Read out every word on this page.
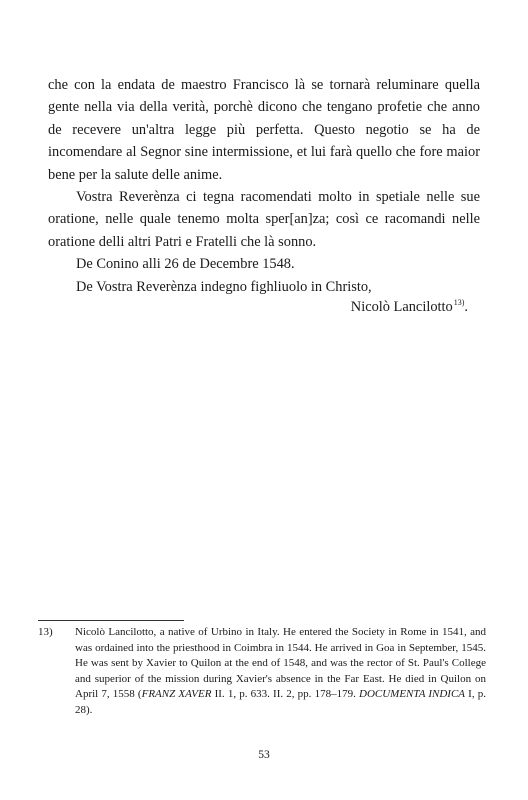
che con la endata de maestro Francisco là se tornarà reluminare quella gente nella via della verità, porchè dicono che tengano profetie che anno de recevere un'altra legge più perfetta. Questo negotio se ha de incomendare al Segnor sine intermissione, et lui farà quello che fore maior bene per la salute delle anime.

Vostra Reverènza ci tegna racomendati molto in spetiale nelle sue oratione, nelle quale tenemo molta sper[an]za; così ce racomandi nelle oratione delli altri Patri e Fratelli che là sonno.

De Conino alli 26 de Decembre 1548.

De Vostra Reverènza indegno fighliuolo in Christo,

Nicolò Lancilotto$^{13)}$.
13) Nicolò Lancilotto, a native of Urbino in Italy. He entered the Society in Rome in 1541, and was ordained into the priesthood in Coimbra in 1544. He arrived in Goa in September, 1545. He was sent by Xavier to Quilon at the end of 1548, and was the rector of St. Paul's College and superior of the mission during Xavier's absence in the Far East. He died in Quilon on April 7, 1558 (FRANZ XAVER II. 1, p. 633. II. 2, pp. 178–179. DOCUMENTA INDICA I, p. 28).

53
